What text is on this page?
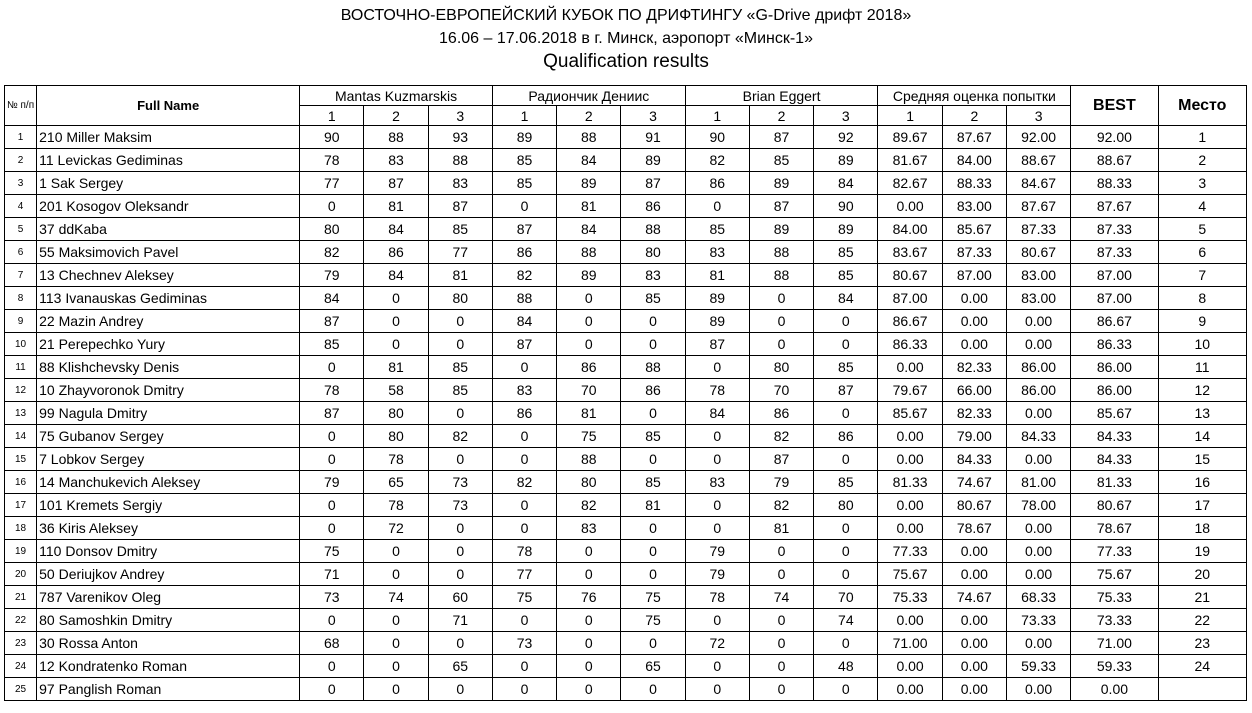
ВОСТОЧНО-ЕВРОПЕЙСКИЙ КУБОК ПО ДРИФТИНГУ «G-Drive дрифт 2018»
16.06 – 17.06.2018 в г. Минск, аэропорт «Минск-1»
Qualification results
№ п/п	Full Name	Mantas Kuzmarskis			Радиончик Дениис			Brian Eggert			Средняя оценка попытки			BEST	Место
		1	2	3	1	2	3	1	2	3	1	2	3		
1	210 Miller Maksim	90	88	93	89	88	91	90	87	92	89.67	87.67	92.00	92.00	1
2	11 Levickas Gediminas	78	83	88	85	84	89	82	85	89	81.67	84.00	88.67	88.67	2
3	1 Sak Sergey	77	87	83	85	89	87	86	89	84	82.67	88.33	84.67	88.33	3
4	201 Kosogov Oleksandr	0	81	87	0	81	86	0	87	90	0.00	83.00	87.67	87.67	4
5	37 ddKaba	80	84	85	87	84	88	85	89	89	84.00	85.67	87.33	87.33	5
6	55 Maksimovich Pavel	82	86	77	86	88	80	83	88	85	83.67	87.33	80.67	87.33	6
7	13 Chechnev Aleksey	79	84	81	82	89	83	81	88	85	80.67	87.00	83.00	87.00	7
8	113 Ivanauskas Gediminas	84	0	80	88	0	85	89	0	84	87.00	0.00	83.00	87.00	8
9	22 Mazin Andrey	87	0	0	84	0	0	89	0	0	86.67	0.00	0.00	86.67	9
10	21 Perepechko Yury	85	0	0	87	0	0	87	0	0	86.33	0.00	0.00	86.33	10
11	88 Klishchevsky Denis	0	81	85	0	86	88	0	80	85	0.00	82.33	86.00	86.00	11
12	10 Zhayvoronok Dmitry	78	58	85	83	70	86	78	70	87	79.67	66.00	86.00	86.00	12
13	99 Nagula Dmitry	87	80	0	86	81	0	84	86	0	85.67	82.33	0.00	85.67	13
14	75 Gubanov Sergey	0	80	82	0	75	85	0	82	86	0.00	79.00	84.33	84.33	14
15	7 Lobkov Sergey	0	78	0	0	88	0	0	87	0	0.00	84.33	0.00	84.33	15
16	14 Manchukevich Aleksey	79	65	73	82	80	85	83	79	85	81.33	74.67	81.00	81.33	16
17	101 Kremets Sergiy	0	78	73	0	82	81	0	82	80	0.00	80.67	78.00	80.67	17
18	36 Kiris Aleksey	0	72	0	0	83	0	0	81	0	0.00	78.67	0.00	78.67	18
19	110 Donsov Dmitry	75	0	0	78	0	0	79	0	0	77.33	0.00	0.00	77.33	19
20	50 Deriujkov Andrey	71	0	0	77	0	0	79	0	0	75.67	0.00	0.00	75.67	20
21	787 Varenikov Oleg	73	74	60	75	76	75	78	74	70	75.33	74.67	68.33	75.33	21
22	80 Samoshkin Dmitry	0	0	71	0	0	75	0	0	74	0.00	0.00	73.33	73.33	22
23	30 Rossa Anton	68	0	0	73	0	0	72	0	0	71.00	0.00	0.00	71.00	23
24	12 Kondratenko Roman	0	0	65	0	0	65	0	0	48	0.00	0.00	59.33	59.33	24
25	97 Panglish Roman	0	0	0	0	0	0	0	0	0	0.00	0.00	0.00	0.00	
